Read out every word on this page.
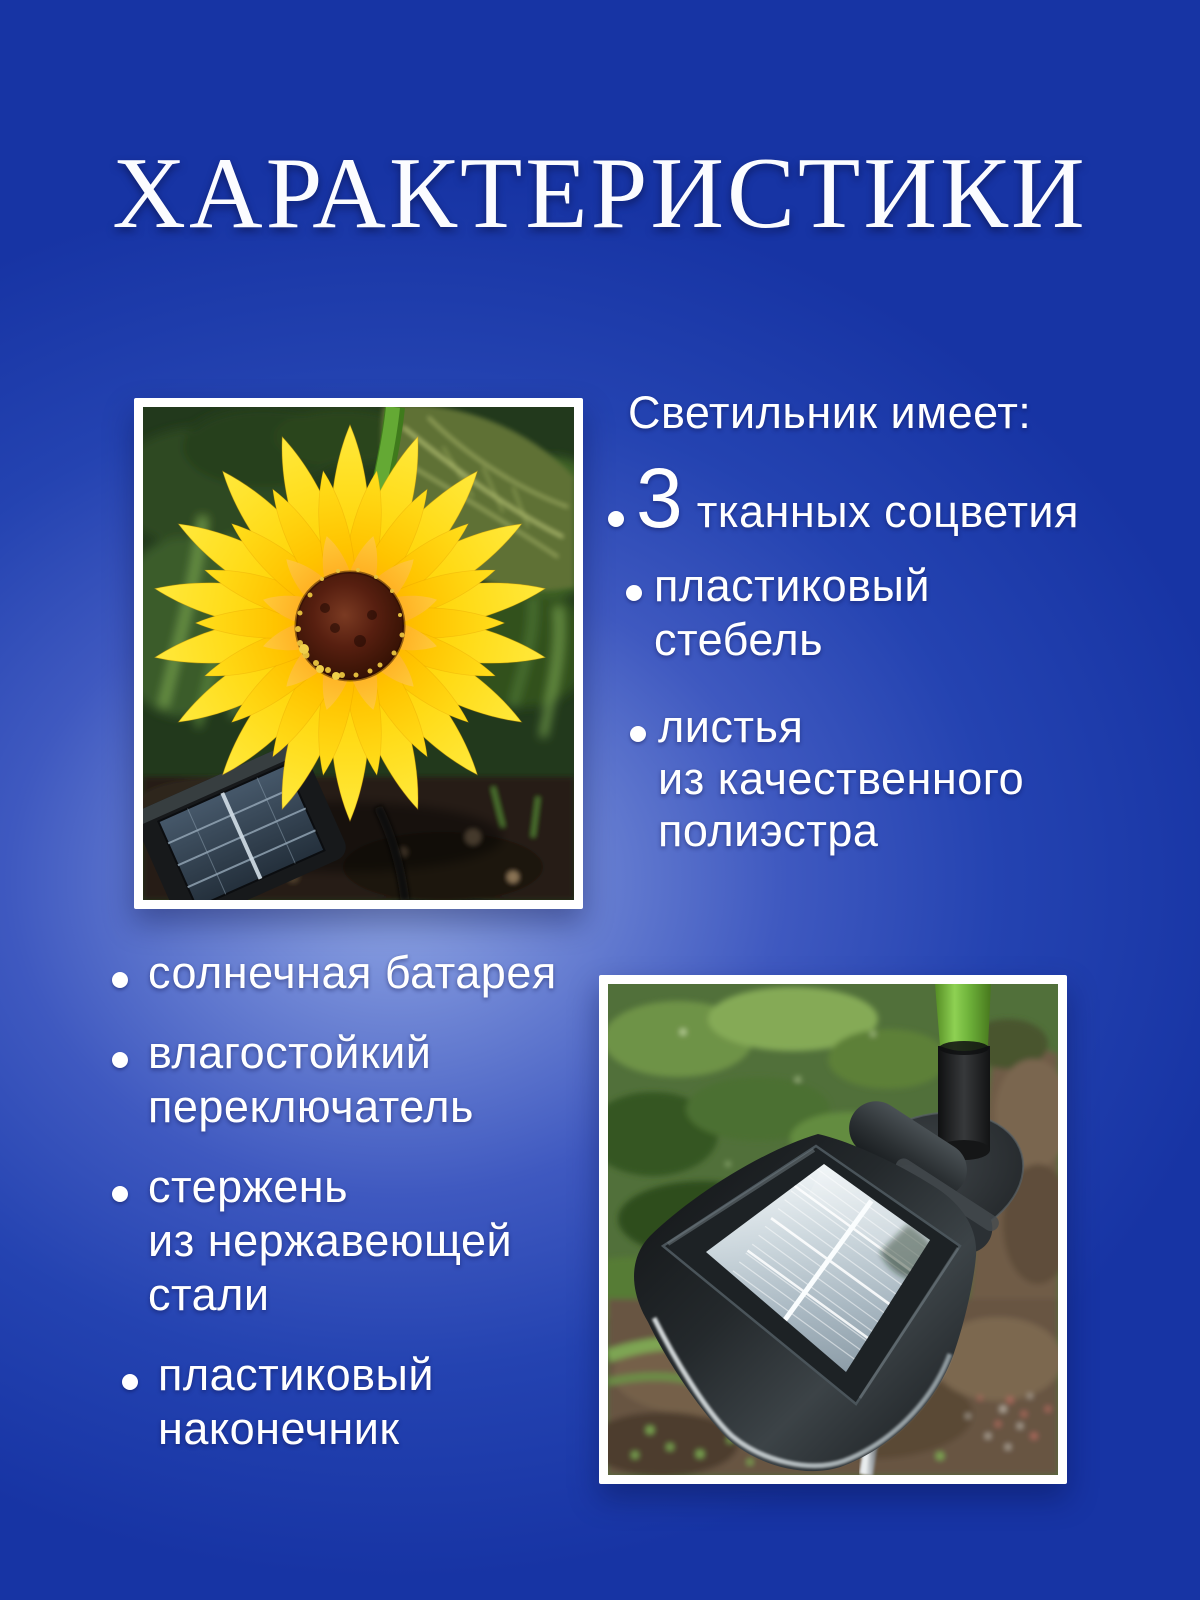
ХАРАКТЕРИСТИКИ
Светильник имеет:
3 тканных соцветия
пластиковый стебель
листья
из качественного
полиэстра
солнечная батарея
влагостойкий
переключатель
стержень
из нержавеющей
стали
пластиковый
наконечник
